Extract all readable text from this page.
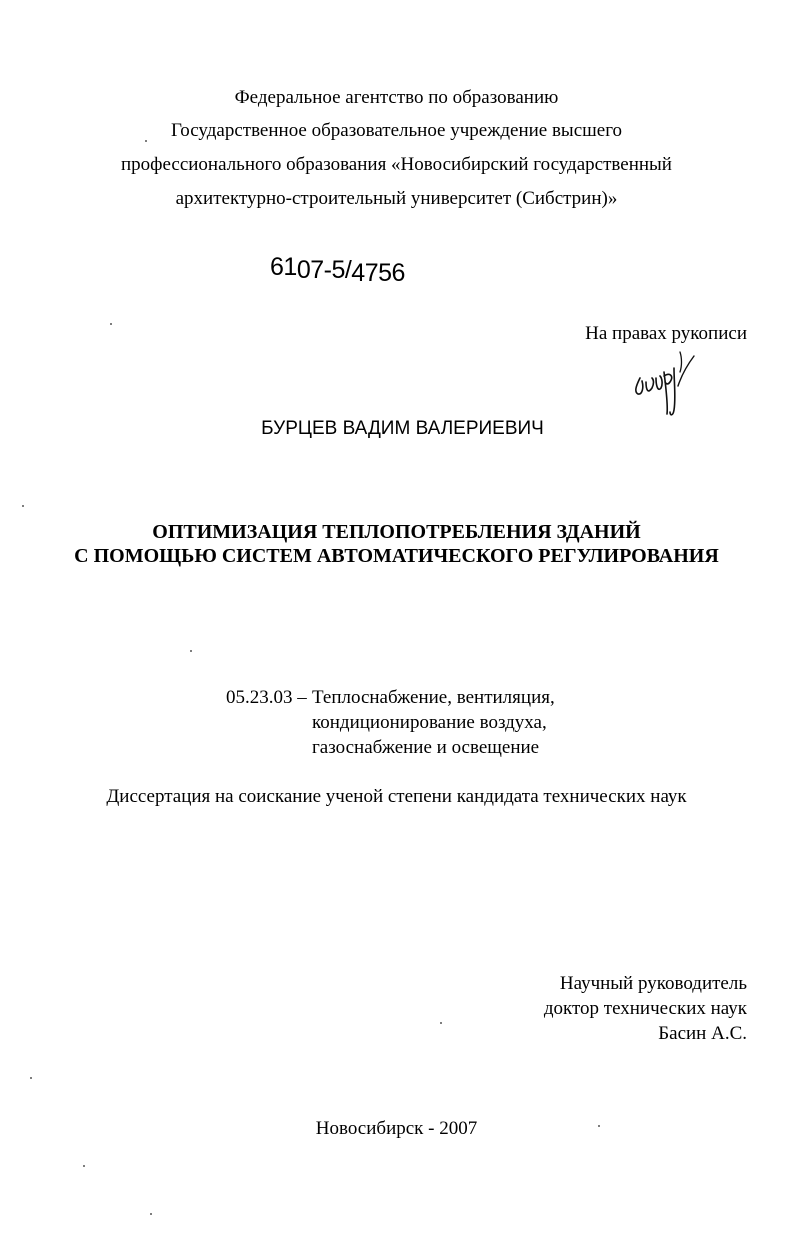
Федеральное агентство по образованию
Государственное образовательное учреждение высшего
профессионального образования «Новосибирский государственный
архитектурно-строительный университет (Сибстрин)»
6107-5/4756
На правах рукописи
БУРЦЕВ ВАДИМ ВАЛЕРИЕВИЧ
ОПТИМИЗАЦИЯ ТЕПЛОПОТРЕБЛЕНИЯ ЗДАНИЙ
С ПОМОЩЬЮ СИСТЕМ АВТОМАТИЧЕСКОГО РЕГУЛИРОВАНИЯ
05.23.03 – Теплоснабжение, вентиляция,
кондиционирование воздуха,
газоснабжение и освещение
Диссертация на соискание ученой степени кандидата технических наук
Научный руководитель
доктор технических наук
Басин А.С.
Новосибирск - 2007
